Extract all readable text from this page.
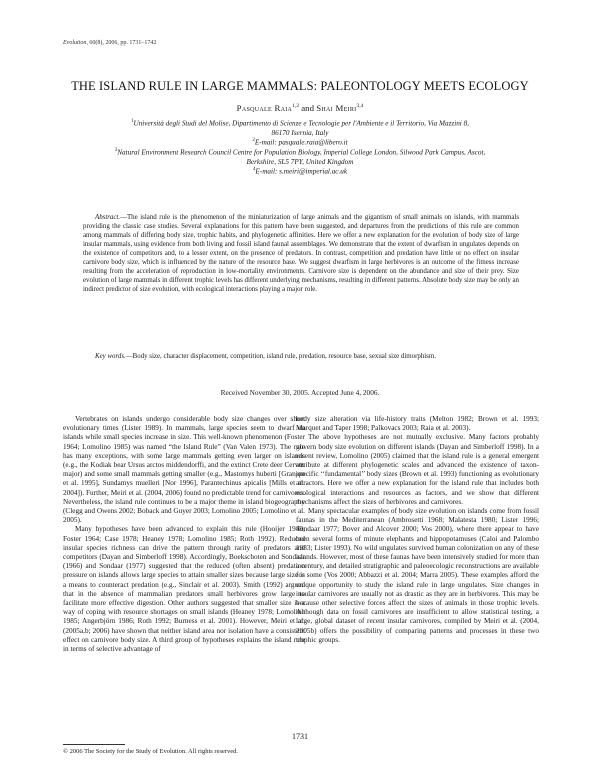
Evolution, 60(8), 2006, pp. 1731–1742
THE ISLAND RULE IN LARGE MAMMALS: PALEONTOLOGY MEETS ECOLOGY
Pasquale Raia$^{1,2}$ and Shai Meiri$^{3,4}$
$^1$Università degli Studi del Molise, Dipartimento di Scienze e Tecnologie per l'Ambiente e il Territorio, Via Mazzini 8,
86170 Isernia, Italy
$^2$E-mail: pasquale.raia@libero.it
$^3$Natural Environment Research Council Centre for Population Biology, Imperial College London, Silwood Park Campus, Ascot,
Berkshire, SL5 7PY, United Kingdom
$^4$E-mail: s.meiri@imperial.ac.uk
Abstract.—The island rule is the phenomenon of the miniaturization of large animals and the gigantism of small animals on islands, with mammals providing the classic case studies. Several explanations for this pattern have been suggested, and departures from the predictions of this rule are common among mammals of differing body size, trophic habits, and phylogenetic affinities. Here we offer a new explanation for the evolution of body size of large insular mammals, using evidence from both living and fossil island faunal assemblages. We demonstrate that the extent of dwarfism in ungulates depends on the existence of competitors and, to a lesser extent, on the presence of predators. In contrast, competition and predation have little or no effect on insular carnivore body size, which is influenced by the nature of the resource base. We suggest dwarfism in large herbivores is an outcome of the fitness increase resulting from the acceleration of reproduction in low-mortality environments. Carnivore size is dependent on the abundance and size of their prey. Size evolution of large mammals in different trophic levels has different underlying mechanisms, resulting in different patterns. Absolute body size may be only an indirect predictor of size evolution, with ecological interactions playing a major role.
Key words.—Body size, character displacement, competition, island rule, predation, resource base, sexual size dimorphism.
Received November 30, 2005. Accepted June 4, 2006.

Vertebrates on islands undergo considerable body size changes over short evolutionary times (Lister 1989). In mammals, large species seem to dwarf on islands while small species increase in size. This well-known phenomenon (Foster 1964; Lomolino 1985) was named “the Island Rule” (Van Valen 1973). The rule has many exceptions, with some large mammals getting even larger on islands (e.g., the Kodiak bear Ursus arctos middendorffi, and the extinct Crete deer Cervus major) and some small mammals getting smaller (e.g., Mastomys huberti [Granjon et al. 1995], Sundamys muelleri [Nor 1996], Parantechinus apicalis [Mills et al. 2004]). Further, Meiri et al. (2004, 2006) found no predictable trend for carnivores. Nevertheless, the island rule continues to be a major theme in island biogeography (Clegg and Owens 2002; Boback and Guyer 2003; Lomolino 2005; Lomolino et al. 2005).

Many hypotheses have been advanced to explain this rule (Hooijer 1949; Foster 1964; Case 1978; Heaney 1978; Lomolino 1985; Roth 1992). Reduced insular species richness can drive the pattern through rarity of predators and competitors (Dayan and Simberloff 1998). Accordingly, Boekschoten and Sondaar (1966) and Sondaar (1977) suggested that the reduced (often absent) predation pressure on islands allows large species to attain smaller sizes because large size is a means to counteract predation (e.g., Sinclair et al. 2003). Smith (1992) argued that in the absence of mammalian predators small herbivores grow large to facilitate more effective digestion. Other authors suggested that smaller size is a way of coping with resource shortages on small islands (Heaney 1978; Lomolino 1985; Angerbjörn 1986; Roth 1992; Burness et al. 2001). However, Meiri et al. (2005a,b; 2006) have shown that neither island area nor isolation have a consistent effect on carnivore body size. A third group of hypotheses explains the island rule in terms of selective advantage of

body size alteration via life-history traits (Melton 1982; Brown et al. 1993; Marquet and Taper 1998; Palkovacs 2003; Raia et al. 2003).

The above hypotheses are not mutually exclusive. Many factors probably govern body size evolution on different islands (Dayan and Simberloff 1998). In a recent review, Lomolino (2005) claimed that the island rule is a general emergent attribute at different phylogenetic scales and advanced the existence of taxon-specific ‘‘fundamental’’ body sizes (Brown et al. 1993) functioning as evolutionary attractors. Here we offer a new explanation for the island rule that includes both ecological interactions and resources as factors, and we show that different mechanisms affect the sizes of herbivores and carnivores.

Many spectacular examples of body size evolution on islands come from fossil faunas in the Mediterranean (Ambrosetti 1968; Malatesta 1980; Lister 1996; Sondaar 1977; Bover and Alcover 2000; Vos 2000), where there appear to have been several forms of minute elephants and hippopotamuses (Caloi and Palombo 1983; Lister 1993). No wild ungulates survived human colonization on any of these islands. However, most of these faunas have been intensively studied for more than a century, and detailed stratigraphic and paleoecologic reconstructions are available for some (Vos 2000; Abbazzi et al. 2004; Marra 2005). These examples afford the unique opportunity to study the island rule in large ungulates. Size changes in insular carnivores are usually not as drastic as they are in herbivores. This may be because other selective forces affect the sizes of animals in those trophic levels. Although data on fossil carnivores are insufficient to allow statistical testing, a large, global dataset of recent insular carnivores, compiled by Meiri et al. (2004, 2005b) offers the possibility of comparing patterns and processes in these two trophic groups.

1731
© 2006 The Society for the Study of Evolution. All rights reserved.
